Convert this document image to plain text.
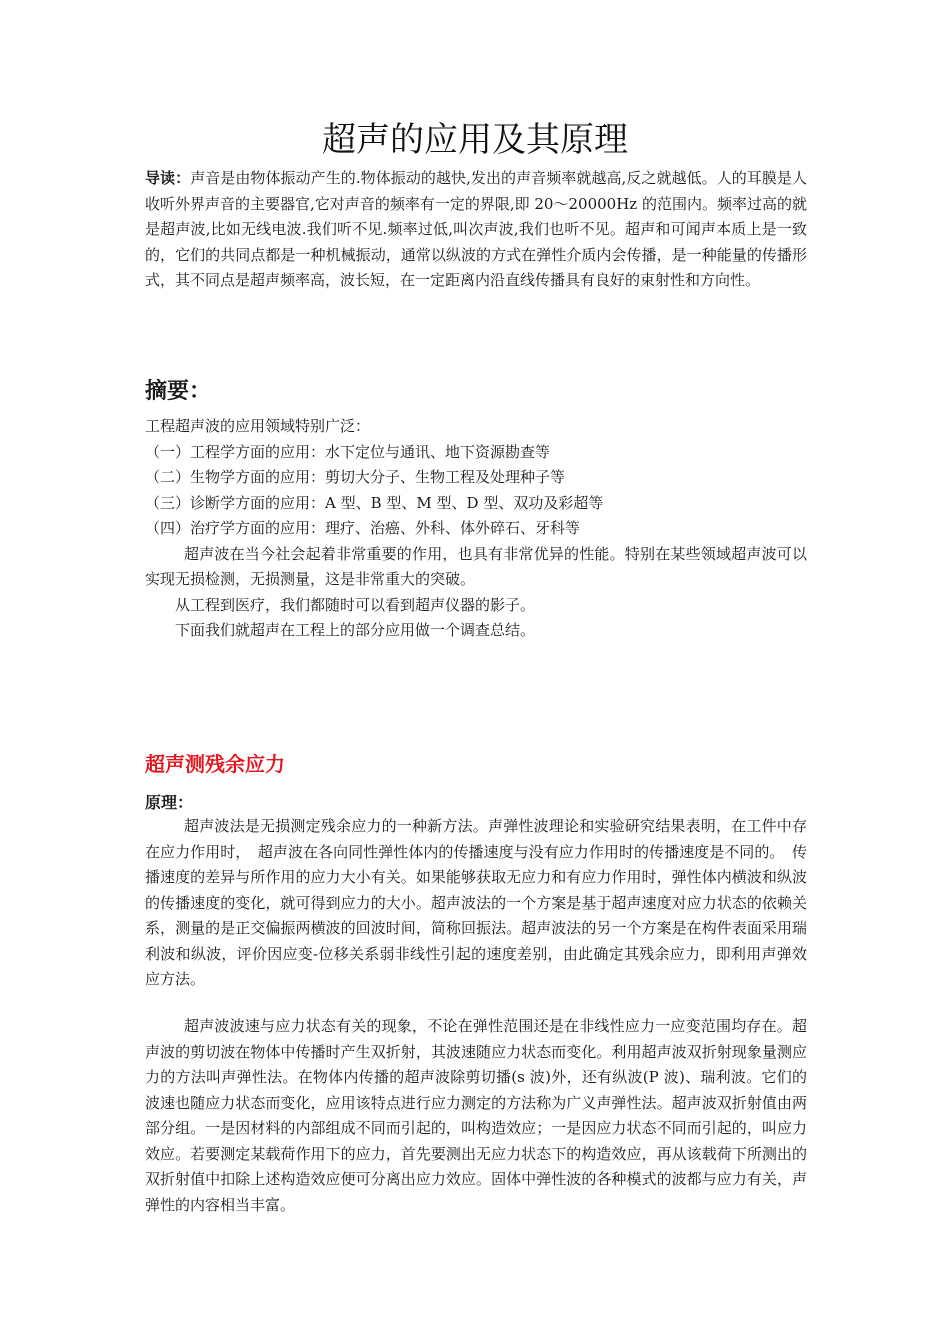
超声的应用及其原理
导读：声音是由物体振动产生的.物体振动的越快,发出的声音频率就越高,反之就越低。人的耳膜是人收听外界声音的主要器官,它对声音的频率有一定的界限,即 20～20000Hz 的范围内。频率过高的就是超声波,比如无线电波.我们听不见.频率过低,叫次声波,我们也听不见。超声和可闻声本质上是一致的，它们的共同点都是一种机械振动，通常以纵波的方式在弹性介质内会传播，是一种能量的传播形式，其不同点是超声频率高，波长短，在一定距离内沿直线传播具有良好的束射性和方向性。
摘要：

工程超声波的应用领域特别广泛：

（一）工程学方面的应用：水下定位与通讯、地下资源勘查等

（二）生物学方面的应用：剪切大分子、生物工程及处理种子等

（三）诊断学方面的应用：A 型、B 型、M 型、D 型、双功及彩超等

（四）治疗学方面的应用：理疗、治癌、外科、体外碎石、牙科等

超声波在当今社会起着非常重要的作用，也具有非常优异的性能。特别在某些领域超声波可以实现无损检测，无损测量，这是非常重大的突破。

从工程到医疗，我们都随时可以看到超声仪器的影子。

下面我们就超声在工程上的部分应用做一个调查总结。

超声测残余应力
原理：

超声波法是无损测定残余应力的一种新方法。声弹性波理论和实验研究结果表明，在工件中存在应力作用时，　超声波在各向同性弹性体内的传播速度与没有应力作用时的传播速度是不同的。　传播速度的差异与所作用的应力大小有关。如果能够获取无应力和有应力作用时，弹性体内横波和纵波的传播速度的变化，就可得到应力的大小。超声波法的一个方案是基于超声速度对应力状态的依赖关系，测量的是正交偏振两横波的回波时间，简称回振法。超声波法的另一个方案是在构件表面采用瑞利波和纵波，评价因应变-位移关系弱非线性引起的速度差别，由此确定其残余应力，即利用声弹效应方法。

超声波波速与应力状态有关的现象，不论在弹性范围还是在非线性应力一应变范围均存在。超声波的剪切波在物体中传播时产生双折射，其波速随应力状态而变化。利用超声波双折射现象量测应力的方法叫声弹性法。在物体内传播的超声波除剪切播(s 波)外，还有纵波(P 波)、瑞利波。它们的波速也随应力状态而变化，应用该特点进行应力测定的方法称为广义声弹性法。超声波双折射值由两部分组。一是因材料的内部组成不同而引起的，叫构造效应；一是因应力状态不同而引起的，叫应力效应。若要测定某载荷作用下的应力，首先要测出无应力状态下的构造效应，再从该载荷下所测出的双折射值中扣除上述构造效应便可分离出应力效应。固体中弹性波的各种模式的波都与应力有关，声弹性的内容相当丰富。
